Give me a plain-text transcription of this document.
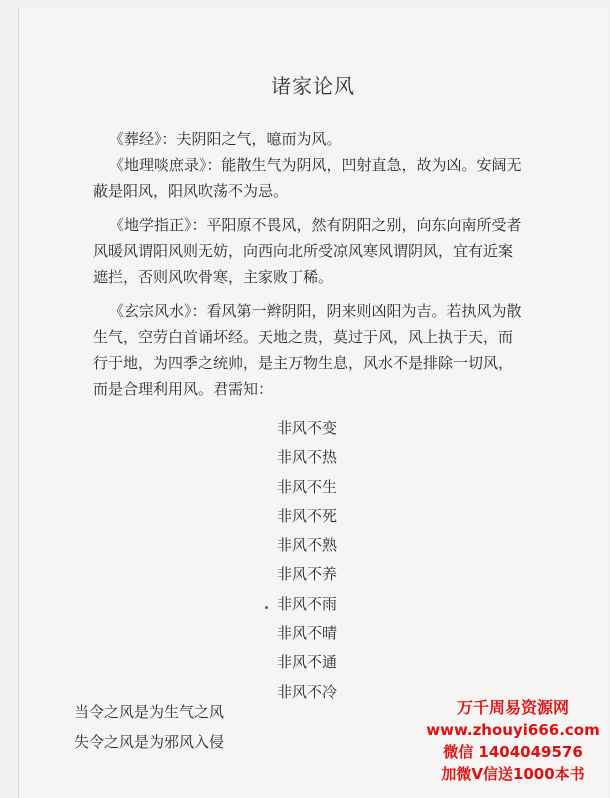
诸家论风
《葬经》：夫阴阳之气，噫而为风。
《地理啖庶录》：能散生气为阴风，凹射直急，故为凶。安阔无蔽是阳风，阳风吹荡不为忌。
《地学指正》：平阳原不畏风，然有阴阳之别，向东向南所受者风暖风谓阳风则无妨，向西向北所受凉风寒风谓阴风，宜有近案遮拦，否则风吹骨寒，主家败丁稀。
《玄宗风水》：看风第一辫阴阳，阴来则凶阳为吉。若执风为散生气，空劳白首诵坏经。天地之贵，莫过于风，风上执于天，而行于地，为四季之统帅，是主万物生息，风水不是排除一切风，而是合理利用风。君需知：
非风不变
非风不热
非风不生
非风不死
非风不熟
非风不养
非风不雨
非风不晴
非风不通
非风不冷
当令之风是为生气之风
失令之风是为邪风入侵
万千周易资源网
www.zhouyi666.com
微信 1404049576
加微V信送1000本书
